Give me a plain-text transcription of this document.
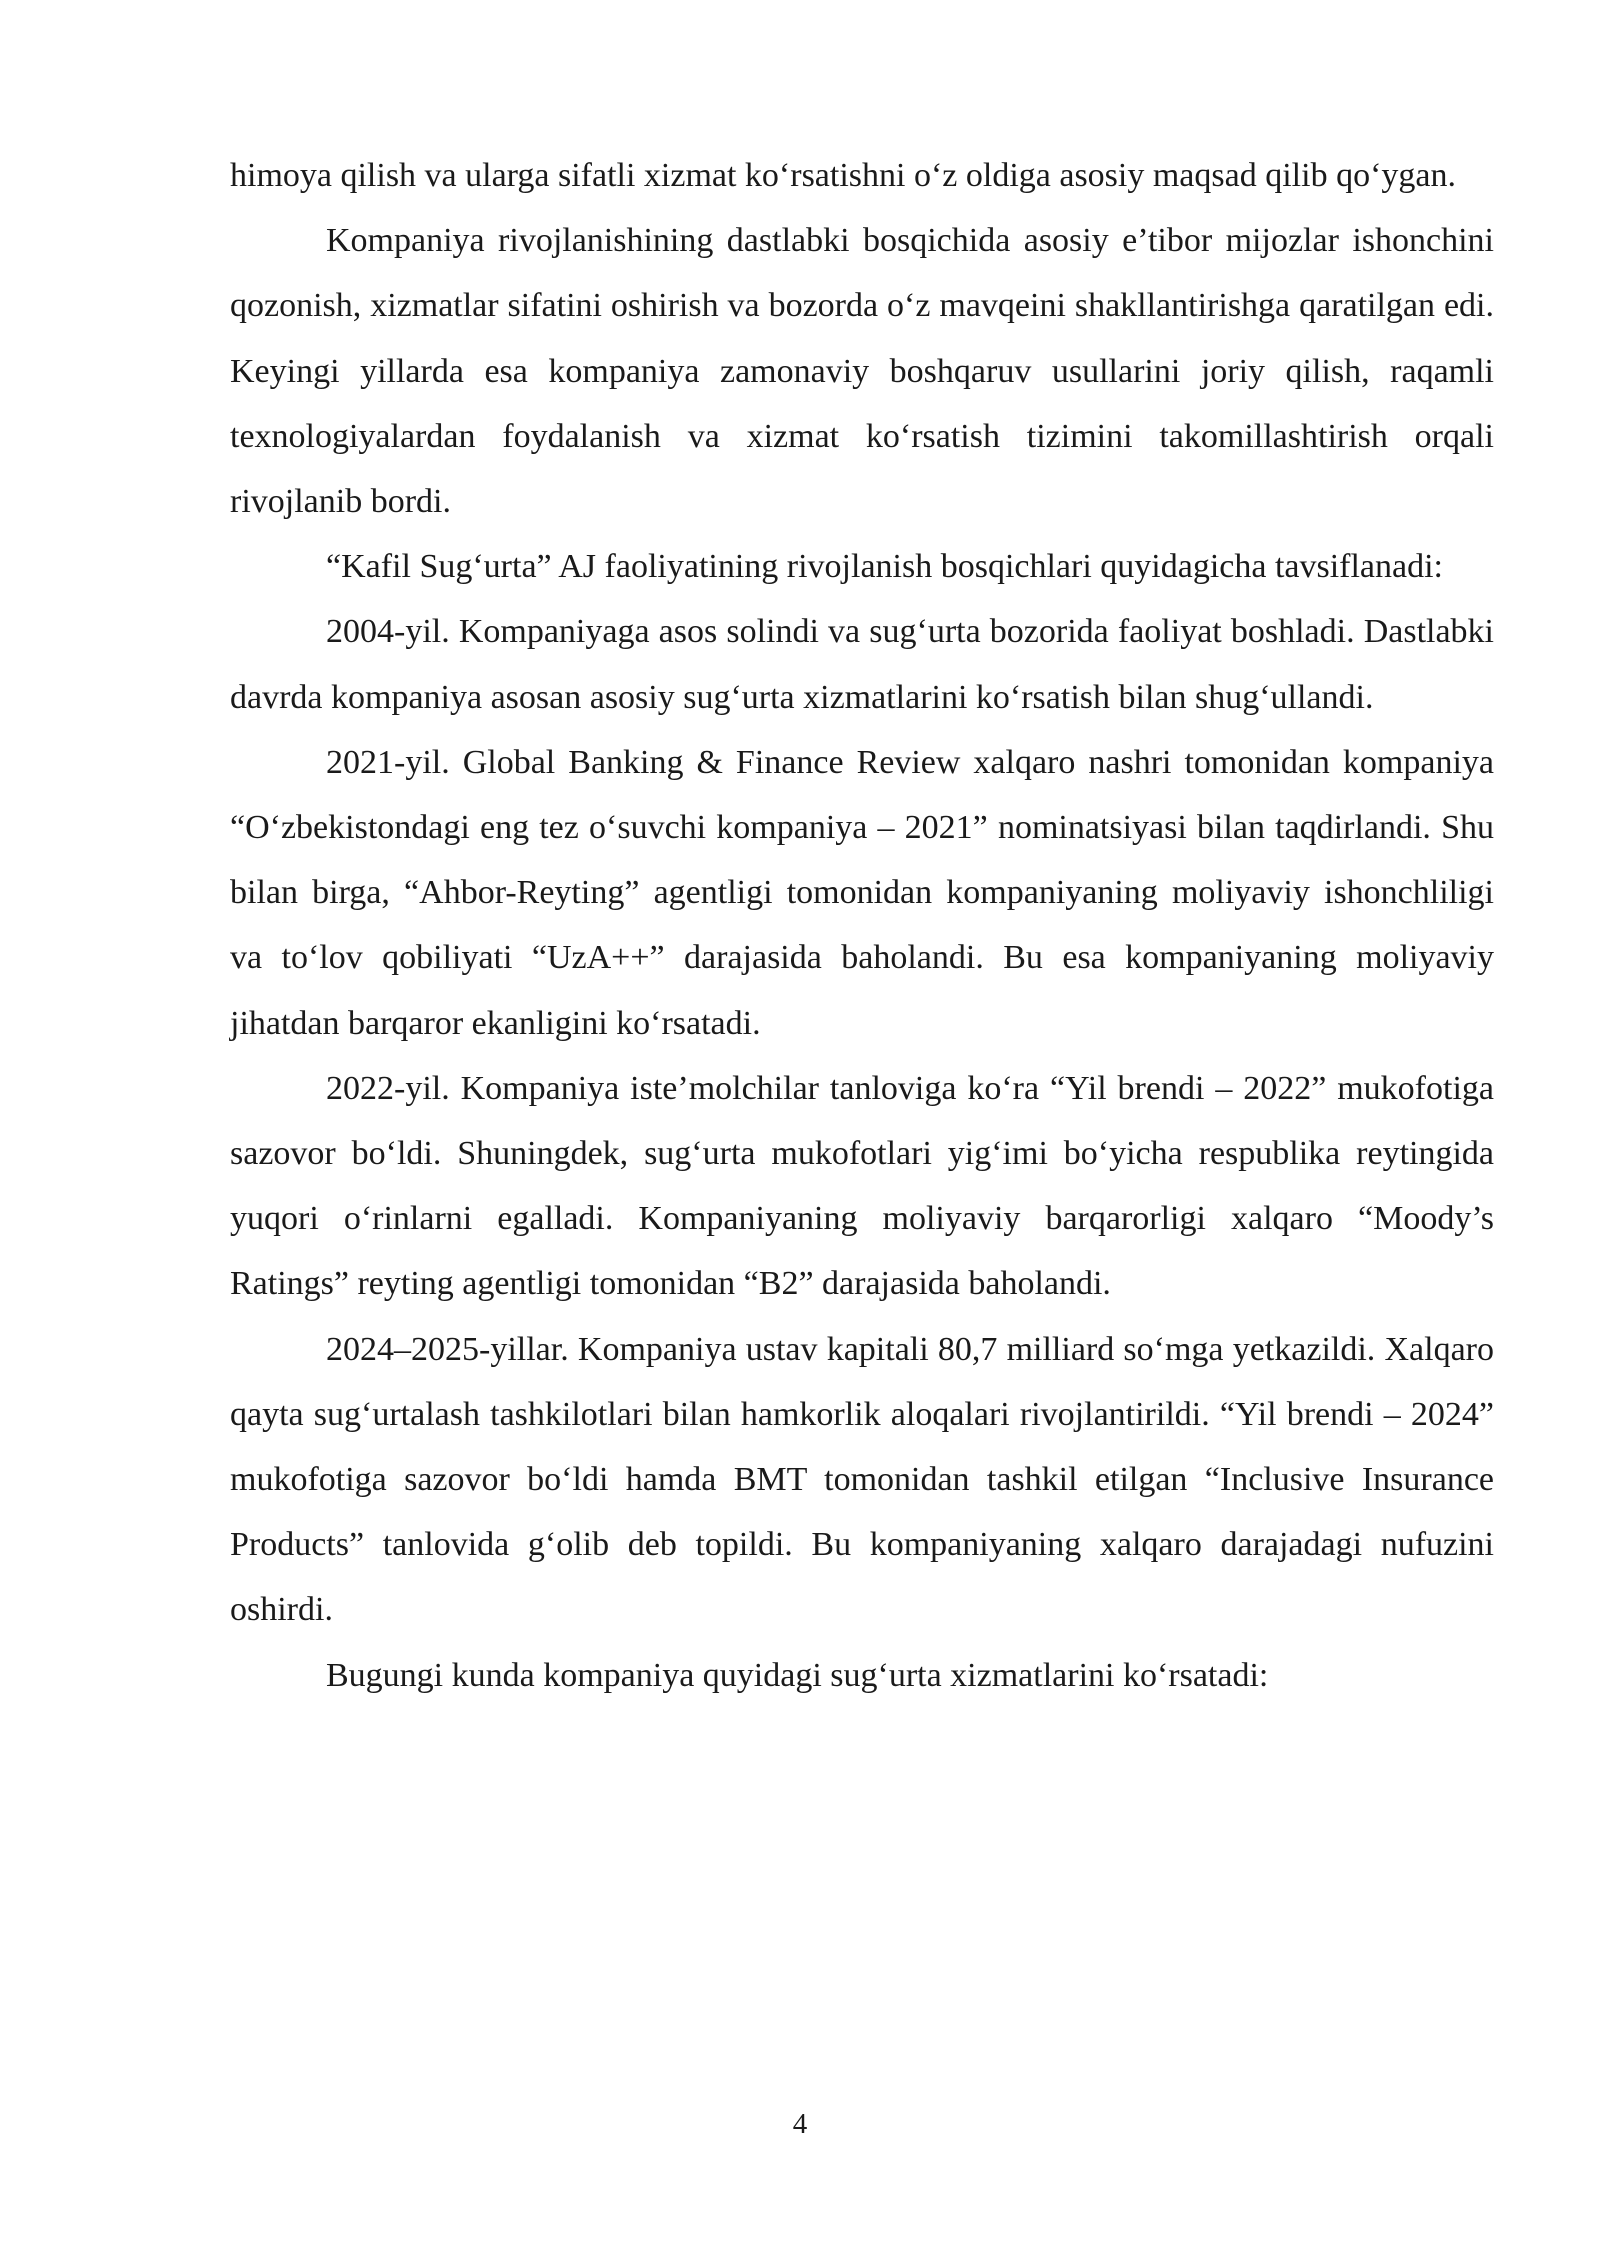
himoya qilish va ularga sifatli xizmat ko‘rsatishni o‘z oldiga asosiy maqsad qilib qo‘ygan.

Kompaniya rivojlanishining dastlabki bosqichida asosiy e’tibor mijozlar ishonchini qozonish, xizmatlar sifatini oshirish va bozorda o‘z mavqeini shakllantirishga qaratilgan edi. Keyingi yillarda esa kompaniya zamonaviy boshqaruv usullarini joriy qilish, raqamli texnologiyalardan foydalanish va xizmat ko‘rsatish tizimini takomillashtirish orqali rivojlanib bordi.

“Kafil Sug‘urta” AJ faoliyatining rivojlanish bosqichlari quyidagicha tavsiflanadi:

2004-yil. Kompaniyaga asos solindi va sug‘urta bozorida faoliyat boshladi. Dastlabki davrda kompaniya asosan asosiy sug‘urta xizmatlarini ko‘rsatish bilan shug‘ullandi.

2021-yil. Global Banking & Finance Review xalqaro nashri tomonidan kompaniya “O‘zbekistondagi eng tez o‘suvchi kompaniya – 2021” nominatsiyasi bilan taqdirlandi. Shu bilan birga, “Ahbor-Reyting” agentligi tomonidan kompaniyaning moliyaviy ishonchliligi va to‘lov qobiliyati “UzA++” darajasida baholandi. Bu esa kompaniyaning moliyaviy jihatdan barqaror ekanligini ko‘rsatadi.

2022-yil. Kompaniya iste’molchilar tanloviga ko‘ra “Yil brendi – 2022” mukofotiga sazovor bo‘ldi. Shuningdek, sug‘urta mukofotlari yig‘imi bo‘yicha respublika reytingida yuqori o‘rinlarni egalladi. Kompaniyaning moliyaviy barqarorligi xalqaro “Moody’s Ratings” reyting agentligi tomonidan “B2” darajasida baholandi.

2024–2025-yillar. Kompaniya ustav kapitali 80,7 milliard so‘mga yetkazildi. Xalqaro qayta sug‘urtalash tashkilotlari bilan hamkorlik aloqalari rivojlantirildi. “Yil brendi – 2024” mukofotiga sazovor bo‘ldi hamda BMT tomonidan tashkil etilgan “Inclusive Insurance Products” tanlovida g‘olib deb topildi. Bu kompaniyaning xalqaro darajadagi nufuzini oshirdi.

Bugungi kunda kompaniya quyidagi sug‘urta xizmatlarini ko‘rsatadi:

4
